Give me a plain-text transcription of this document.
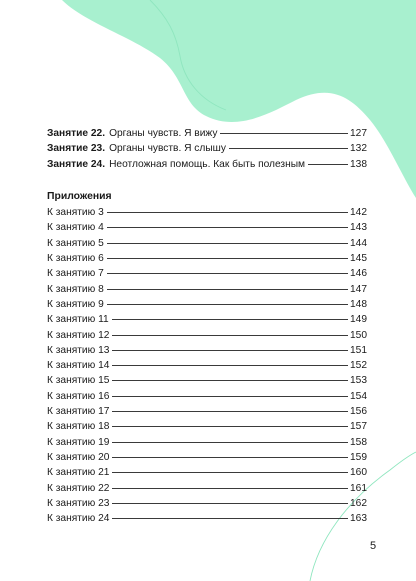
Занятие 22. Органы чувств. Я вижу	127
Занятие 23. Органы чувств. Я слышу	132
Занятие 24. Неотложная помощь. Как быть полезным	138
Приложения
К занятию 3	142
К занятию 4	143
К занятию 5	144
К занятию 6	145
К занятию 7	146
К занятию 8	147
К занятию 9	148
К занятию 11	149
К занятию 12	150
К занятию 13	151
К занятию 14	152
К занятию 15	153
К занятию 16	154
К занятию 17	156
К занятию 18	157
К занятию 19	158
К занятию 20	159
К занятию 21	160
К занятию 22	161
К занятию 23	162
К занятию 24	163
5
